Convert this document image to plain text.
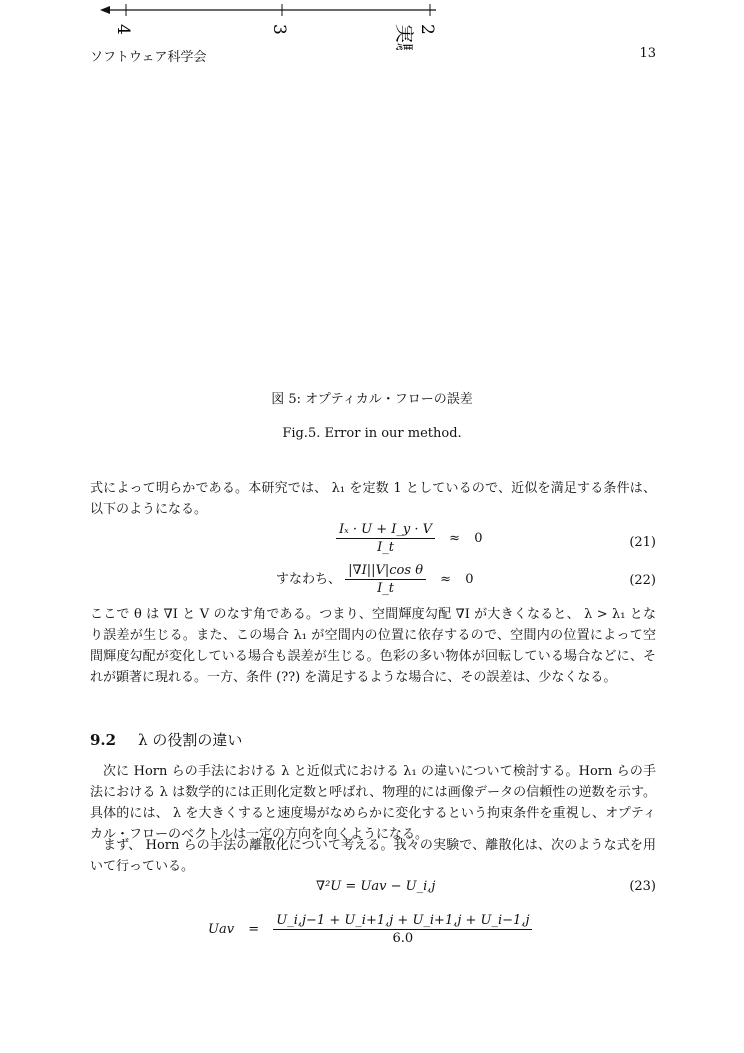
4	3	2
実験
ソフトウェア科学会	13
図 5: オプティカル・フローの誤差
Fig.5. Error in our method.
式によって明らかである。本研究では、 λ₁ を定数 1 としているので、近似を満足する条件は、以下のようになる。
$\frac{\text{Iₓ · U + I\_y · V}}{I\_t} \approx 0$	(21)
すなわち、 $\frac{\text{|∇I||V|cos θ}}{I\_t} \approx 0$	(22)
ここで θ は ∇I と V のなす角である。つまり、空間輝度勾配 ∇I が大きくなると、 λ > λ₁ となり誤差が生じる。また、この場合 λ₁ が空間内の位置に依存するので、空間内の位置によって空間輝度勾配が変化している場合も誤差が生じる。色彩の多い物体が回転している場合などに、それが顕著に現れる。一方、条件 (??) を満足するような場合に、その誤差は、少なくなる。
9.2 λ の役割の違い
次に Horn らの手法における λ と近似式における λ₁ の違いについて検討する。Horn らの手法における λ は数学的には正則化定数と呼ばれ、物理的には画像データの信頼性の逆数を示す。具体的には、 λ を大きくすると速度場がなめらかに変化するという拘束条件を重視し、オプティカル・フローのベクトルは一定の方向を向くようになる。
まず、 Horn らの手法の離散化について考える。我々の実験で、離散化は、次のような式を用いて行っている。
∇²U = Uav − U_i,j	(23)
Uav = $\frac{U\_i,j-1 + U\_i+1,j + U\_i+1,j + U\_i-1,j}{6.0}$
